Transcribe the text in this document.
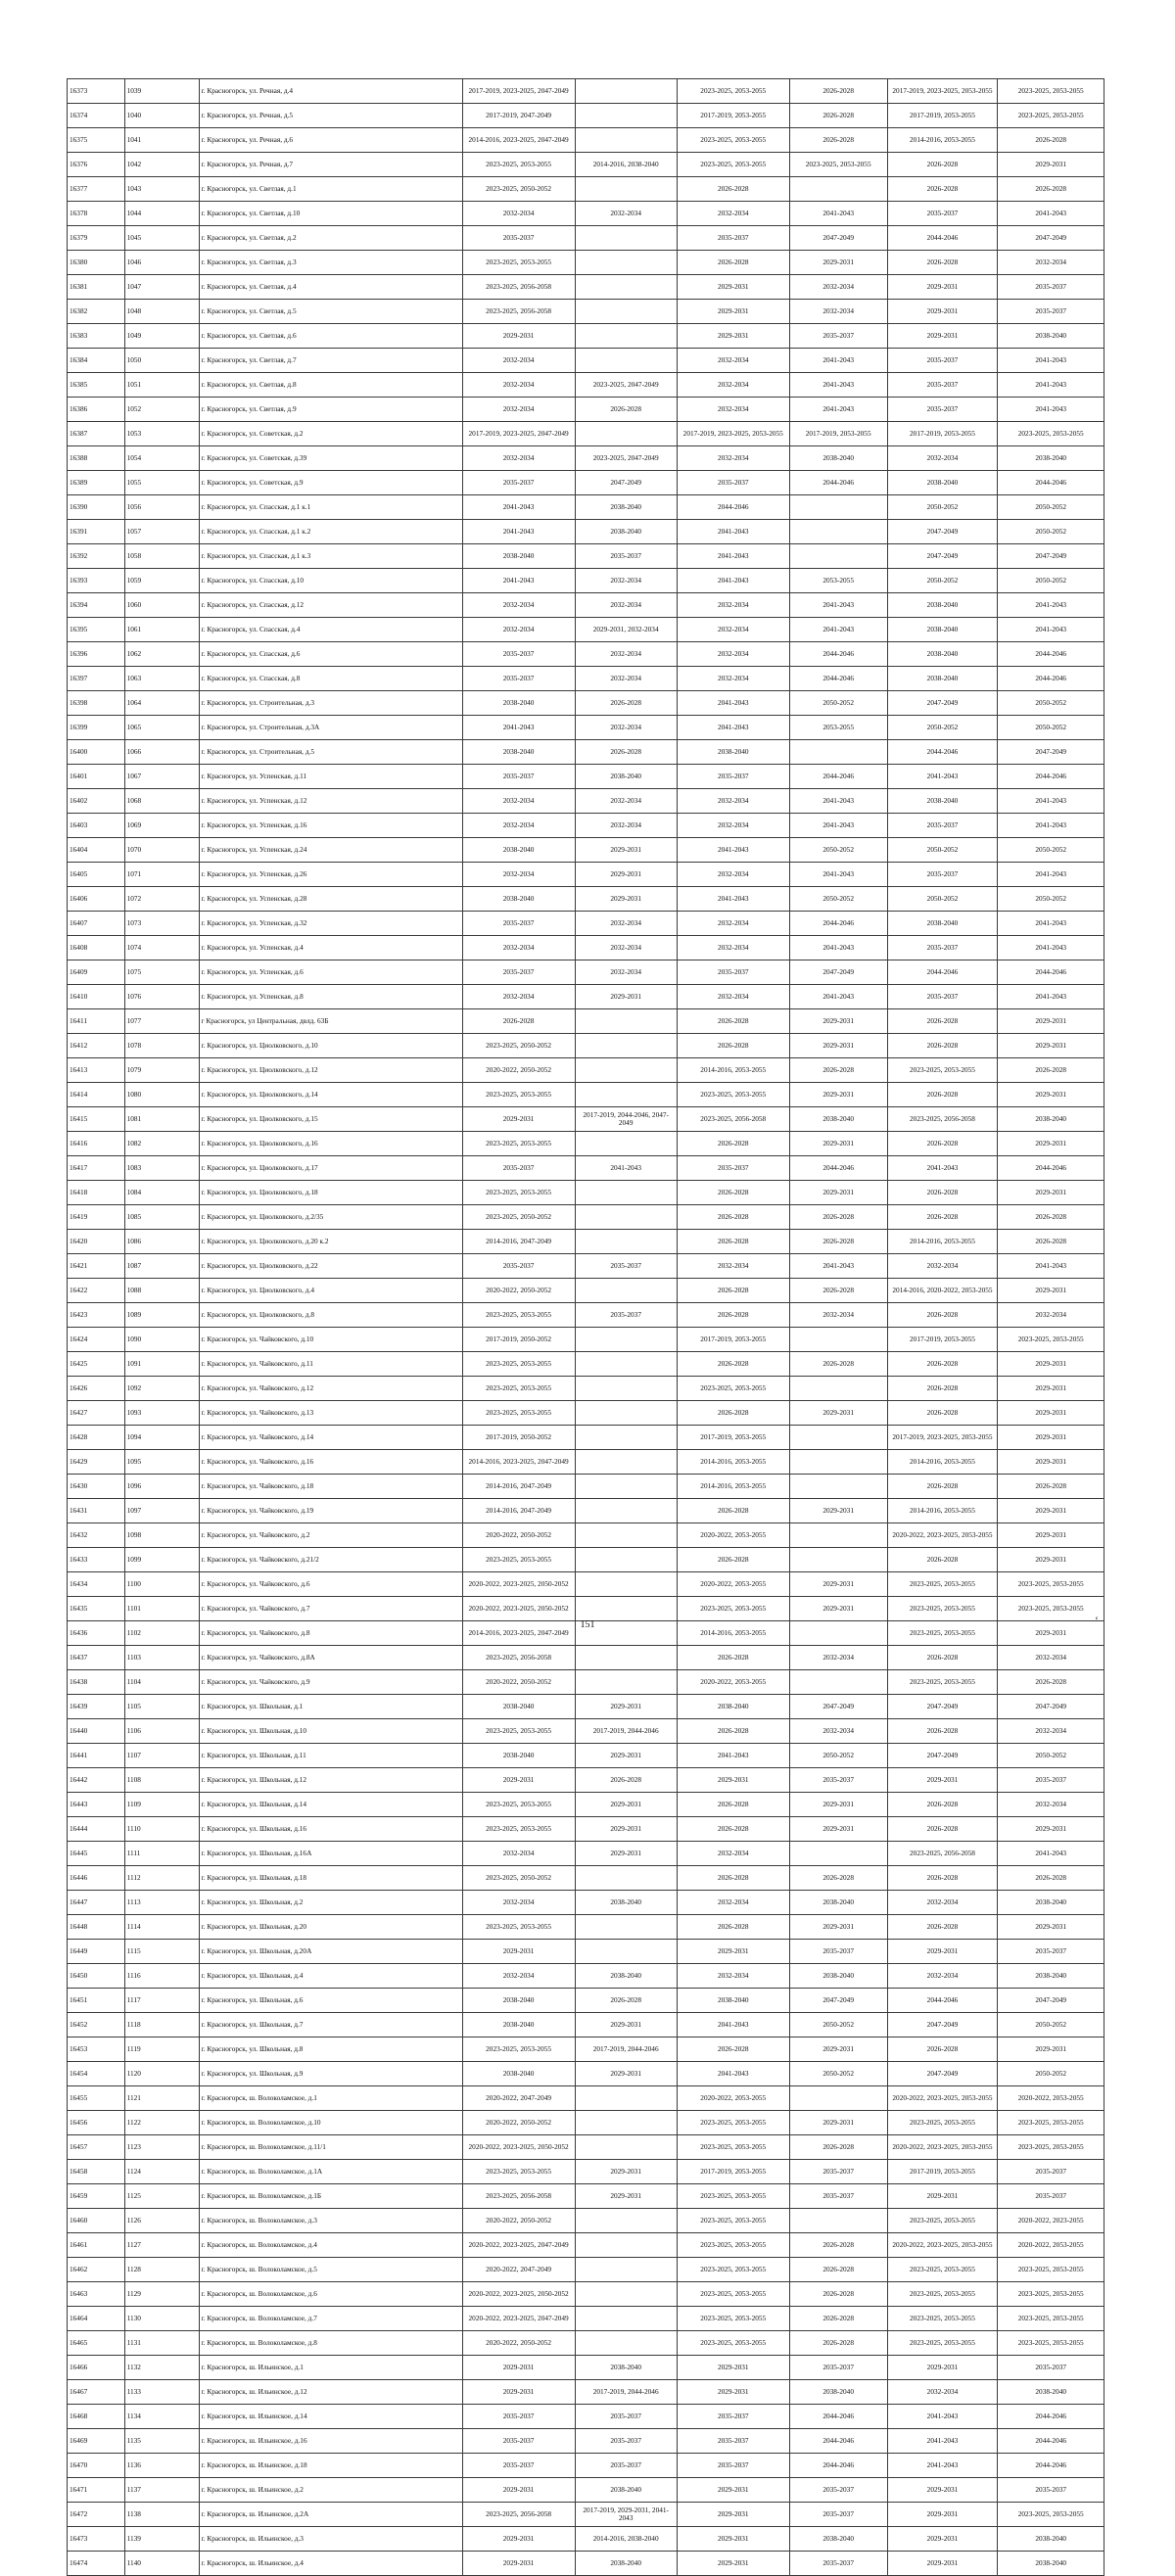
16373	1039	г. Красногорск, ул. Речная, д.4	2017-2019, 2023-2025, 2047-2049		2023-2025, 2053-2055	2026-2028	2017-2019, 2023-2025, 2053-2055	2023-2025, 2053-2055
16374	1040	г. Красногорск, ул. Речная, д.5	2017-2019, 2047-2049		2017-2019, 2053-2055	2026-2028	2017-2019, 2053-2055	2023-2025, 2053-2055
16375	1041	г. Красногорск, ул. Речная, д.6	2014-2016, 2023-2025, 2047-2049		2023-2025, 2053-2055	2026-2028	2014-2016, 2053-2055	2026-2028
16376	1042	г. Красногорск, ул. Речная, д.7	2023-2025, 2053-2055	2014-2016, 2038-2040	2023-2025, 2053-2055	2023-2025, 2053-2055	2026-2028	2029-2031
16377	1043	г. Красногорск, ул. Светлая, д.1	2023-2025, 2050-2052		2026-2028		2026-2028	2026-2028
16378	1044	г. Красногорск, ул. Светлая, д.10	2032-2034	2032-2034	2032-2034	2041-2043	2035-2037	2041-2043
16379	1045	г. Красногорск, ул. Светлая, д.2	2035-2037		2035-2037	2047-2049	2044-2046	2047-2049
16380	1046	г. Красногорск, ул. Светлая, д.3	2023-2025, 2053-2055		2026-2028	2029-2031	2026-2028	2032-2034
16381	1047	г. Красногорск, ул. Светлая, д.4	2023-2025, 2056-2058		2029-2031	2032-2034	2029-2031	2035-2037
16382	1048	г. Красногорск, ул. Светлая, д.5	2023-2025, 2056-2058		2029-2031	2032-2034	2029-2031	2035-2037
16383	1049	г. Красногорск, ул. Светлая, д.6	2029-2031		2029-2031	2035-2037	2029-2031	2038-2040
16384	1050	г. Красногорск, ул. Светлая, д.7	2032-2034		2032-2034	2041-2043	2035-2037	2041-2043
16385	1051	г. Красногорск, ул. Светлая, д.8	2032-2034	2023-2025, 2047-2049	2032-2034	2041-2043	2035-2037	2041-2043
16386	1052	г. Красногорск, ул. Светлая, д.9	2032-2034	2026-2028	2032-2034	2041-2043	2035-2037	2041-2043
16387	1053	г. Красногорск, ул. Советская, д.2	2017-2019, 2023-2025, 2047-2049		2017-2019, 2023-2025, 2053-2055	2017-2019, 2053-2055	2017-2019, 2053-2055	2023-2025, 2053-2055
16388	1054	г. Красногорск, ул. Советская, д.39	2032-2034	2023-2025, 2047-2049	2032-2034	2038-2040	2032-2034	2038-2040
16389	1055	г. Красногорск, ул. Советская, д.9	2035-2037	2047-2049	2035-2037	2044-2046	2038-2040	2044-2046
16390	1056	г. Красногорск, ул. Спасская, д.1 к.1	2041-2043	2038-2040	2044-2046		2050-2052	2050-2052
16391	1057	г. Красногорск, ул. Спасская, д.1 к.2	2041-2043	2038-2040	2041-2043		2047-2049	2050-2052
16392	1058	г. Красногорск, ул. Спасская, д.1 к.3	2038-2040	2035-2037	2041-2043		2047-2049	2047-2049
16393	1059	г. Красногорск, ул. Спасская, д.10	2041-2043	2032-2034	2041-2043	2053-2055	2050-2052	2050-2052
16394	1060	г. Красногорск, ул. Спасская, д.12	2032-2034	2032-2034	2032-2034	2041-2043	2038-2040	2041-2043
16395	1061	г. Красногорск, ул. Спасская, д.4	2032-2034	2029-2031, 2032-2034	2032-2034	2041-2043	2038-2040	2041-2043
16396	1062	г. Красногорск, ул. Спасская, д.6	2035-2037	2032-2034	2032-2034	2044-2046	2038-2040	2044-2046
16397	1063	г. Красногорск, ул. Спасская, д.8	2035-2037	2032-2034	2032-2034	2044-2046	2038-2040	2044-2046
16398	1064	г. Красногорск, ул. Строительная, д.3	2038-2040	2026-2028	2041-2043	2050-2052	2047-2049	2050-2052
16399	1065	г. Красногорск, ул. Строительная, д.3А	2041-2043	2032-2034	2041-2043	2053-2055	2050-2052	2050-2052
16400	1066	г. Красногорск, ул. Строительная, д.5	2038-2040	2026-2028	2038-2040		2044-2046	2047-2049
16401	1067	г. Красногорск, ул. Успенская, д.11	2035-2037	2038-2040	2035-2037	2044-2046	2041-2043	2044-2046
16402	1068	г. Красногорск, ул. Успенская, д.12	2032-2034	2032-2034	2032-2034	2041-2043	2038-2040	2041-2043
16403	1069	г. Красногорск, ул. Успенская, д.16	2032-2034	2032-2034	2032-2034	2041-2043	2035-2037	2041-2043
16404	1070	г. Красногорск, ул. Успенская, д.24	2038-2040	2029-2031	2041-2043	2050-2052	2050-2052	2050-2052
16405	1071	г. Красногорск, ул. Успенская, д.26	2032-2034	2029-2031	2032-2034	2041-2043	2035-2037	2041-2043
16406	1072	г. Красногорск, ул. Успенская, д.28	2038-2040	2029-2031	2041-2043	2050-2052	2050-2052	2050-2052
16407	1073	г. Красногорск, ул. Успенская, д.32	2035-2037	2032-2034	2032-2034	2044-2046	2038-2040	2041-2043
16408	1074	г. Красногорск, ул. Успенская, д.4	2032-2034	2032-2034	2032-2034	2041-2043	2035-2037	2041-2043
16409	1075	г. Красногорск, ул. Успенская, д.6	2035-2037	2032-2034	2035-2037	2047-2049	2044-2046	2044-2046
16410	1076	г. Красногорск, ул. Успенская, д.8	2032-2034	2029-2031	2032-2034	2041-2043	2035-2037	2041-2043
16411	1077	г Красногорск, ул Центральная, двлд. 63Б	2026-2028		2026-2028	2029-2031	2026-2028	2029-2031
16412	1078	г. Красногорск, ул. Циолковского, д.10	2023-2025, 2050-2052		2026-2028	2029-2031	2026-2028	2029-2031
16413	1079	г. Красногорск, ул. Циолковского, д.12	2020-2022, 2050-2052		2014-2016, 2053-2055	2026-2028	2023-2025, 2053-2055	2026-2028
16414	1080	г. Красногорск, ул. Циолковского, д.14	2023-2025, 2053-2055		2023-2025, 2053-2055	2029-2031	2026-2028	2029-2031
16415	1081	г. Красногорск, ул. Циолковского, д.15	2029-2031	2017-2019, 2044-2046, 2047-2049	2023-2025, 2056-2058	2038-2040	2023-2025, 2056-2058	2038-2040
16416	1082	г. Красногорск, ул. Циолковского, д.16	2023-2025, 2053-2055		2026-2028	2029-2031	2026-2028	2029-2031
16417	1083	г. Красногорск, ул. Циолковского, д.17	2035-2037	2041-2043	2035-2037	2044-2046	2041-2043	2044-2046
16418	1084	г. Красногорск, ул. Циолковского, д.18	2023-2025, 2053-2055		2026-2028	2029-2031	2026-2028	2029-2031
16419	1085	г. Красногорск, ул. Циолковского, д.2/35	2023-2025, 2050-2052		2026-2028	2026-2028	2026-2028	2026-2028
16420	1086	г. Красногорск, ул. Циолковского, д.20 к.2	2014-2016, 2047-2049		2026-2028	2026-2028	2014-2016, 2053-2055	2026-2028
16421	1087	г. Красногорск, ул. Циолковского, д.22	2035-2037	2035-2037	2032-2034	2041-2043	2032-2034	2041-2043
16422	1088	г. Красногорск, ул. Циолковского, д.4	2020-2022, 2050-2052		2026-2028	2026-2028	2014-2016, 2020-2022, 2053-2055	2029-2031
16423	1089	г. Красногорск, ул. Циолковского, д.8	2023-2025, 2053-2055	2035-2037	2026-2028	2032-2034	2026-2028	2032-2034
16424	1090	г. Красногорск, ул. Чайковского, д.10	2017-2019, 2050-2052		2017-2019, 2053-2055		2017-2019, 2053-2055	2023-2025, 2053-2055
16425	1091	г. Красногорск, ул. Чайковского, д.11	2023-2025, 2053-2055		2026-2028	2026-2028	2026-2028	2029-2031
16426	1092	г. Красногорск, ул. Чайковского, д.12	2023-2025, 2053-2055		2023-2025, 2053-2055		2026-2028	2029-2031
16427	1093	г. Красногорск, ул. Чайковского, д.13	2023-2025, 2053-2055		2026-2028	2029-2031	2026-2028	2029-2031
16428	1094	г. Красногорск, ул. Чайковского, д.14	2017-2019, 2050-2052		2017-2019, 2053-2055		2017-2019, 2023-2025, 2053-2055	2029-2031
16429	1095	г. Красногорск, ул. Чайковского, д.16	2014-2016, 2023-2025, 2047-2049		2014-2016, 2053-2055		2014-2016, 2053-2055	2029-2031
16430	1096	г. Красногорск, ул. Чайковского, д.18	2014-2016, 2047-2049		2014-2016, 2053-2055		2026-2028	2026-2028
16431	1097	г. Красногорск, ул. Чайковского, д.19	2014-2016, 2047-2049		2026-2028	2029-2031	2014-2016, 2053-2055	2029-2031
16432	1098	г. Красногорск, ул. Чайковского, д.2	2020-2022, 2050-2052		2020-2022, 2053-2055		2020-2022, 2023-2025, 2053-2055	2029-2031
16433	1099	г. Красногорск, ул. Чайковского, д.21/2	2023-2025, 2053-2055		2026-2028		2026-2028	2029-2031
16434	1100	г. Красногорск, ул. Чайковского, д.6	2020-2022, 2023-2025, 2050-2052		2020-2022, 2053-2055	2029-2031	2023-2025, 2053-2055	2023-2025, 2053-2055
16435	1101	г. Красногорск, ул. Чайковского, д.7	2020-2022, 2023-2025, 2050-2052		2023-2025, 2053-2055	2029-2031	2023-2025, 2053-2055	2023-2025, 2053-2055
16436	1102	г. Красногорск, ул. Чайковского, д.8	2014-2016, 2023-2025, 2047-2049		2014-2016, 2053-2055		2023-2025, 2053-2055	2029-2031
16437	1103	г. Красногорск, ул. Чайковского, д.8А	2023-2025, 2056-2058		2026-2028	2032-2034	2026-2028	2032-2034
16438	1104	г. Красногорск, ул. Чайковского, д.9	2020-2022, 2050-2052		2020-2022, 2053-2055		2023-2025, 2053-2055	2026-2028
16439	1105	г. Красногорск, ул. Школьная, д.1	2038-2040	2029-2031	2038-2040	2047-2049	2047-2049	2047-2049
16440	1106	г. Красногорск, ул. Школьная, д.10	2023-2025, 2053-2055	2017-2019, 2044-2046	2026-2028	2032-2034	2026-2028	2032-2034
16441	1107	г. Красногорск, ул. Школьная, д.11	2038-2040	2029-2031	2041-2043	2050-2052	2047-2049	2050-2052
16442	1108	г. Красногорск, ул. Школьная, д.12	2029-2031	2026-2028	2029-2031	2035-2037	2029-2031	2035-2037
16443	1109	г. Красногорск, ул. Школьная, д.14	2023-2025, 2053-2055	2029-2031	2026-2028	2029-2031	2026-2028	2032-2034
16444	1110	г. Красногорск, ул. Школьная, д.16	2023-2025, 2053-2055	2029-2031	2026-2028	2029-2031	2026-2028	2029-2031
16445	1111	г. Красногорск, ул. Школьная, д.16А	2032-2034	2029-2031	2032-2034		2023-2025, 2056-2058	2041-2043
16446	1112	г. Красногорск, ул. Школьная, д.18	2023-2025, 2050-2052		2026-2028	2026-2028	2026-2028	2026-2028
16447	1113	г. Красногорск, ул. Школьная, д.2	2032-2034	2038-2040	2032-2034	2038-2040	2032-2034	2038-2040
16448	1114	г. Красногорск, ул. Школьная, д.20	2023-2025, 2053-2055		2026-2028	2029-2031	2026-2028	2029-2031
16449	1115	г. Красногорск, ул. Школьная, д.20А	2029-2031		2029-2031	2035-2037	2029-2031	2035-2037
16450	1116	г. Красногорск, ул. Школьная, д.4	2032-2034	2038-2040	2032-2034	2038-2040	2032-2034	2038-2040
16451	1117	г. Красногорск, ул. Школьная, д.6	2038-2040	2026-2028	2038-2040	2047-2049	2044-2046	2047-2049
16452	1118	г. Красногорск, ул. Школьная, д.7	2038-2040	2029-2031	2041-2043	2050-2052	2047-2049	2050-2052
16453	1119	г. Красногорск, ул. Школьная, д.8	2023-2025, 2053-2055	2017-2019, 2044-2046	2026-2028	2029-2031	2026-2028	2029-2031
16454	1120	г. Красногорск, ул. Школьная, д.9	2038-2040	2029-2031	2041-2043	2050-2052	2047-2049	2050-2052
16455	1121	г. Красногорск, ш. Волоколамское, д.1	2020-2022, 2047-2049		2020-2022, 2053-2055		2020-2022, 2023-2025, 2053-2055	2020-2022, 2053-2055
16456	1122	г. Красногорск, ш. Волоколамское, д.10	2020-2022, 2050-2052		2023-2025, 2053-2055	2029-2031	2023-2025, 2053-2055	2023-2025, 2053-2055
16457	1123	г. Красногорск, ш. Волоколамское, д.11/1	2020-2022, 2023-2025, 2050-2052		2023-2025, 2053-2055	2026-2028	2020-2022, 2023-2025, 2053-2055	2023-2025, 2053-2055
16458	1124	г. Красногорск, ш. Волоколамское, д.1А	2023-2025, 2053-2055	2029-2031	2017-2019, 2053-2055	2035-2037	2017-2019, 2053-2055	2035-2037
16459	1125	г. Красногорск, ш. Волоколамское, д.1Б	2023-2025, 2056-2058	2029-2031	2023-2025, 2053-2055	2035-2037	2029-2031	2035-2037
16460	1126	г. Красногорск, ш. Волоколамское, д.3	2020-2022, 2050-2052		2023-2025, 2053-2055		2023-2025, 2053-2055	2020-2022, 2023-2055
16461	1127	г. Красногорск, ш. Волоколамское, д.4	2020-2022, 2023-2025, 2047-2049		2023-2025, 2053-2055	2026-2028	2020-2022, 2023-2025, 2053-2055	2020-2022, 2053-2055
16462	1128	г. Красногорск, ш. Волоколамское, д.5	2020-2022, 2047-2049		2023-2025, 2053-2055	2026-2028	2023-2025, 2053-2055	2023-2025, 2053-2055
16463	1129	г. Красногорск, ш. Волоколамское, д.6	2020-2022, 2023-2025, 2050-2052		2023-2025, 2053-2055	2026-2028	2023-2025, 2053-2055	2023-2025, 2053-2055
16464	1130	г. Красногорск, ш. Волоколамское, д.7	2020-2022, 2023-2025, 2047-2049		2023-2025, 2053-2055	2026-2028	2023-2025, 2053-2055	2023-2025, 2053-2055
16465	1131	г. Красногорск, ш. Волоколамское, д.8	2020-2022, 2050-2052		2023-2025, 2053-2055	2026-2028	2023-2025, 2053-2055	2023-2025, 2053-2055
16466	1132	г. Красногорск, ш. Ильинское, д.1	2029-2031	2038-2040	2029-2031	2035-2037	2029-2031	2035-2037
16467	1133	г. Красногорск, ш. Ильинское, д.12	2029-2031	2017-2019, 2044-2046	2029-2031	2038-2040	2032-2034	2038-2040
16468	1134	г. Красногорск, ш. Ильинское, д.14	2035-2037	2035-2037	2035-2037	2044-2046	2041-2043	2044-2046
16469	1135	г. Красногорск, ш. Ильинское, д.16	2035-2037	2035-2037	2035-2037	2044-2046	2041-2043	2044-2046
16470	1136	г. Красногорск, ш. Ильинское, д.18	2035-2037	2035-2037	2035-2037	2044-2046	2041-2043	2044-2046
16471	1137	г. Красногорск, ш. Ильинское, д.2	2029-2031	2038-2040	2029-2031	2035-2037	2029-2031	2035-2037
16472	1138	г. Красногорск, ш. Ильинское, д.2А	2023-2025, 2056-2058	2017-2019, 2029-2031, 2041-2043	2029-2031	2035-2037	2029-2031	2023-2025, 2053-2055
16473	1139	г. Красногорск, ш. Ильинское, д.3	2029-2031	2014-2016, 2038-2040	2029-2031	2038-2040	2029-2031	2038-2040
16474	1140	г. Красногорск, ш. Ильинское, д.4	2029-2031	2038-2040	2029-2031	2035-2037	2029-2031	2038-2040
151	‘
